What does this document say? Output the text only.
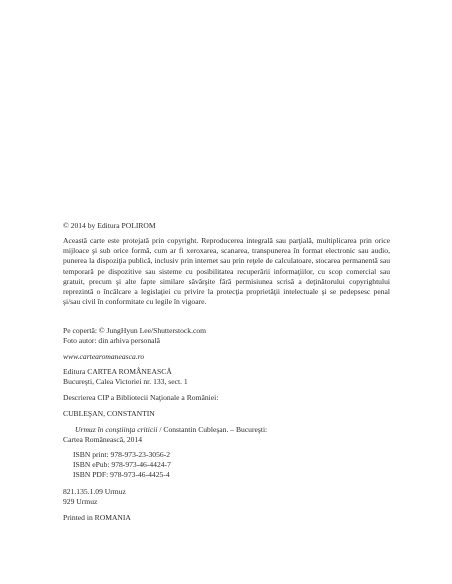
© 2014 by Editura POLIROM

Această carte este protejată prin copyright. Reproducerea integrală sau parţială, multiplicarea prin orice mijloace şi sub orice formă, cum ar fi xeroxarea, scanarea, transpunerea în format electronic sau audio, punerea la dispoziţia publică, inclusiv prin internet sau prin reţele de calculatoare, stocarea permanentă sau temporară pe dispozitive sau sisteme cu posibilitatea recuperării informaţiilor, cu scop comercial sau gratuit, precum şi alte fapte similare săvârşite fără permisiunea scrisă a deţinătorului copyrightului reprezintă o încălcare a legislaţiei cu privire la protecţia proprietăţii intelectuale şi se pedepsesc penal şi/sau civil în conformitate cu legile în vigoare.

Pe copertă: © JungHyun Lee/Shutterstock.com
Foto autor: din arhiva personală
www.cartearomaneasca.ro
Editura CARTEA ROMÂNEASCĂ
Bucureşti, Calea Victoriei nr. 133, sect. 1
Descrierea CIP a Bibliotecii Naţionale a României:
CUBLEŞAN, CONSTANTIN
Urmuz în conştiinţa criticii / Constantin Cubleşan. – Bucureşti:
Cartea Românească, 2014
ISBN print: 978-973-23-3056-2
ISBN ePub: 978-973-46-4424-7
ISBN PDF: 978-973-46-4425-4
821.135.1.09 Urmuz
929 Urmuz
Printed in ROMANIA
